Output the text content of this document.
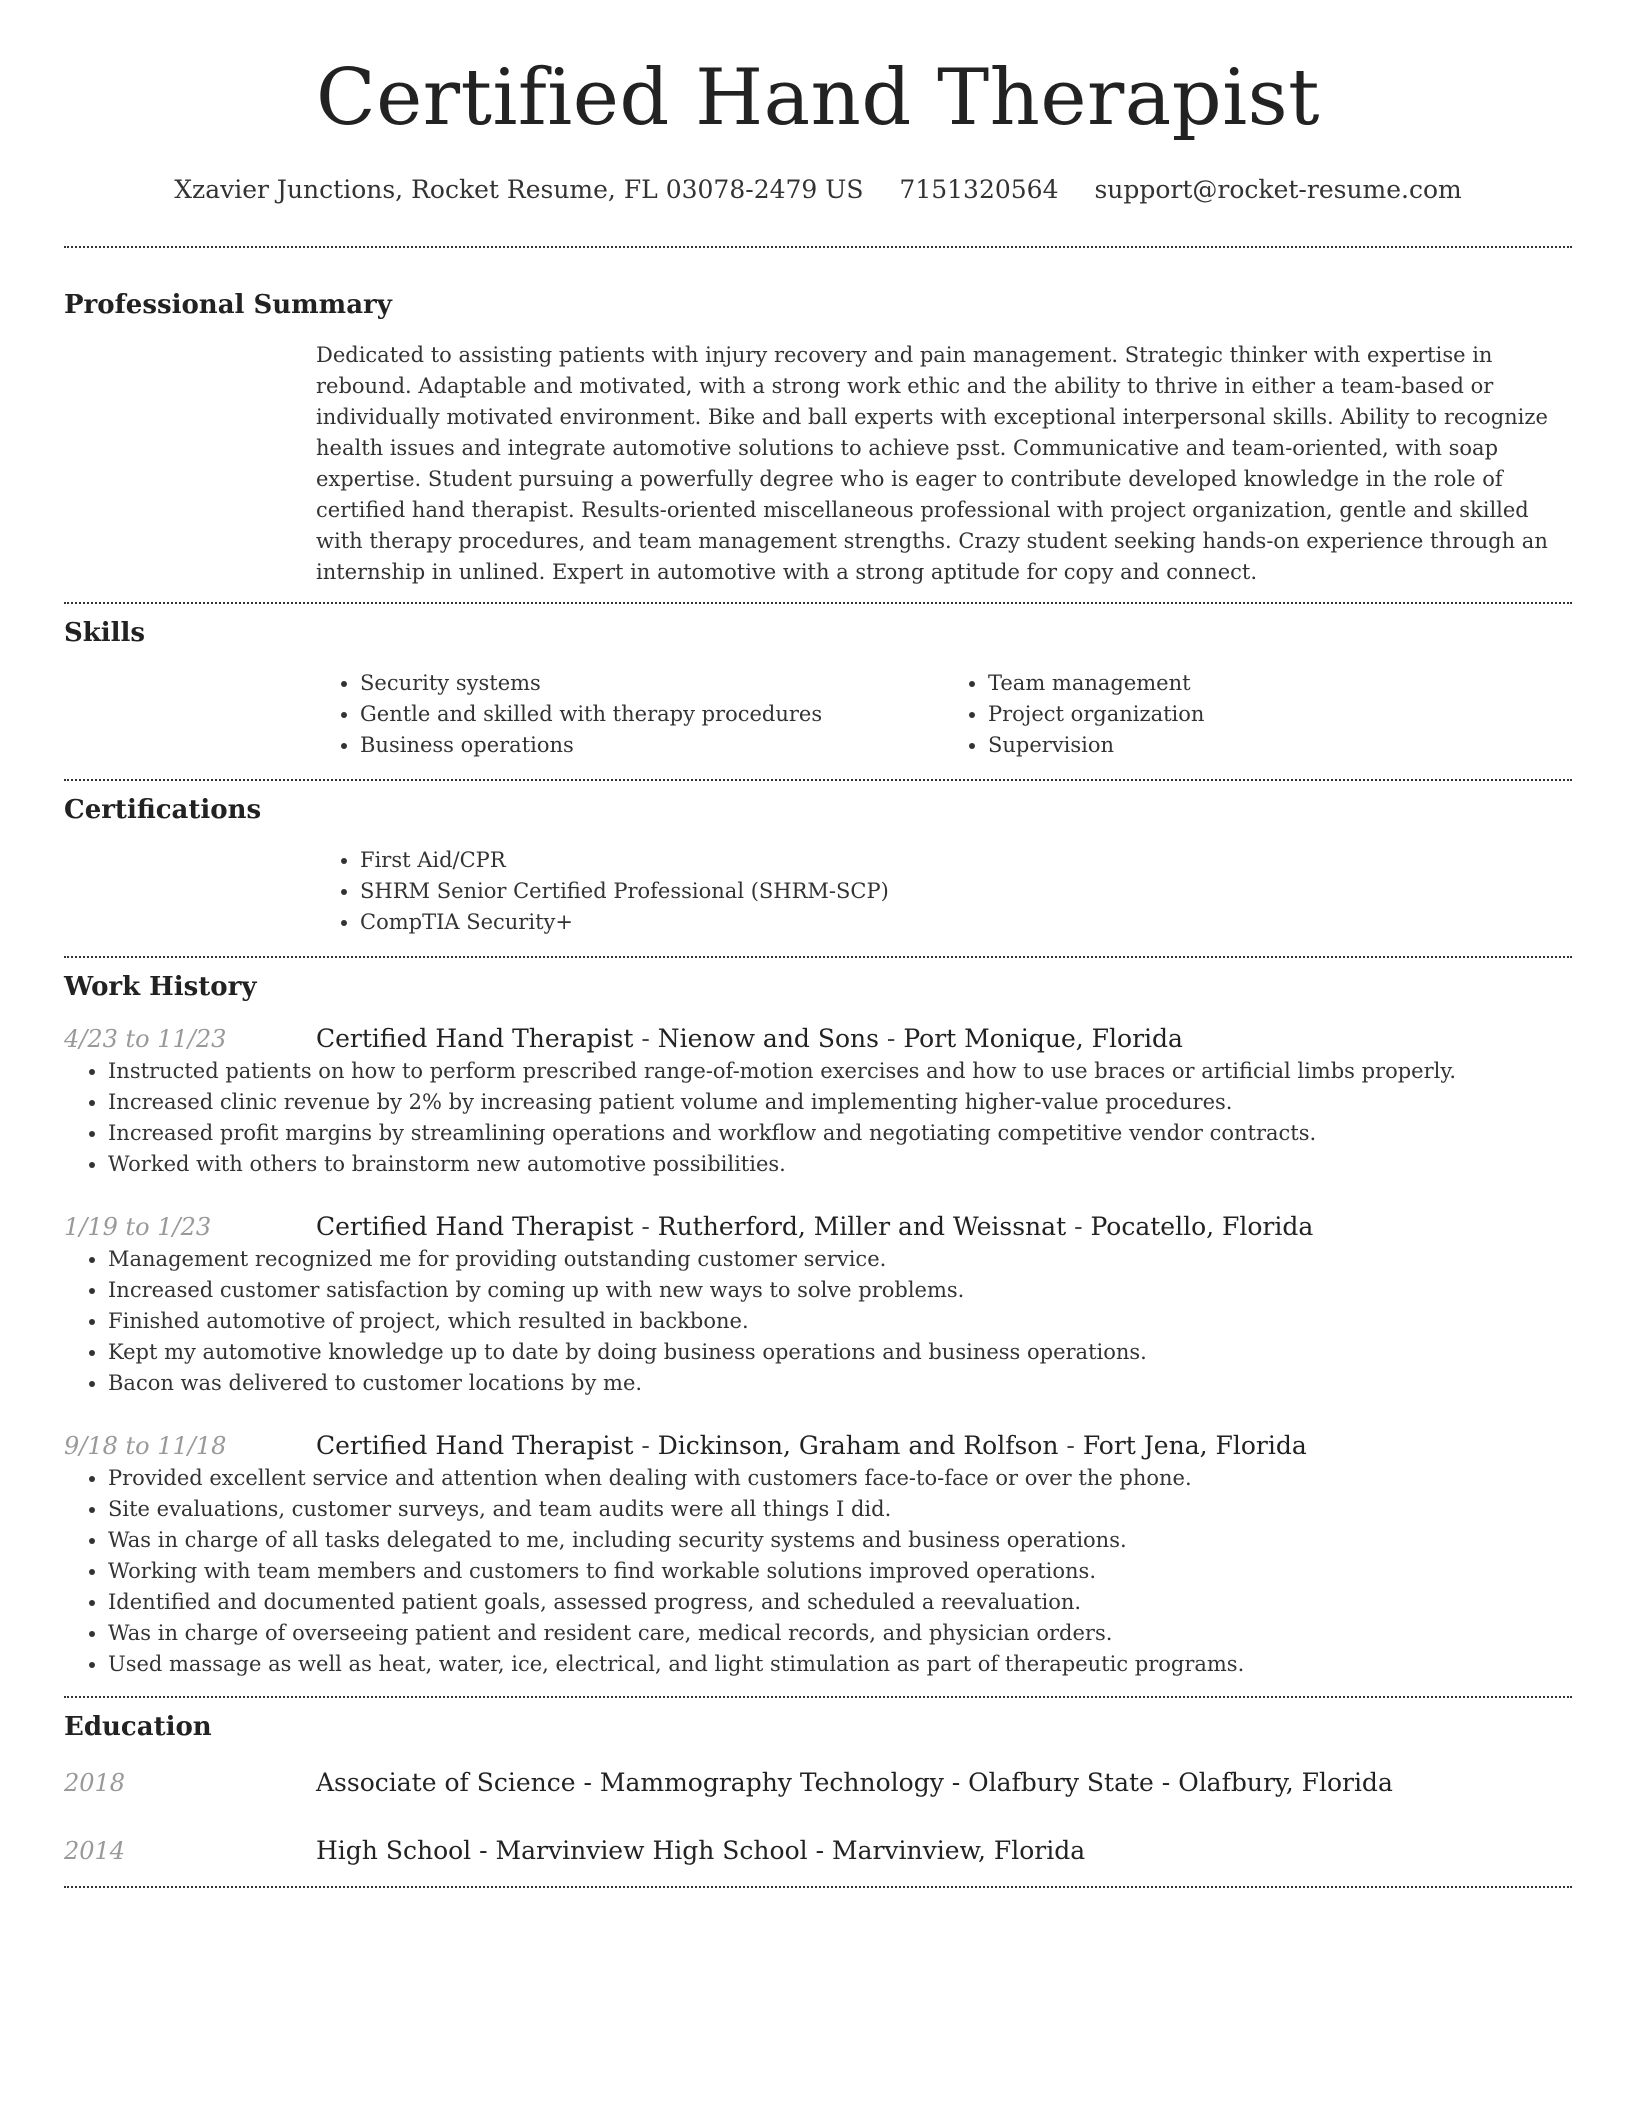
Certified Hand Therapist
Xzavier Junctions, Rocket Resume, FL 03078-2479 US 7151320564 support@rocket-resume.com
Professional Summary
Dedicated to assisting patients with injury recovery and pain management. Strategic thinker with expertise in rebound. Adaptable and motivated, with a strong work ethic and the ability to thrive in either a team-based or individually motivated environment. Bike and ball experts with exceptional interpersonal skills. Ability to recognize health issues and integrate automotive solutions to achieve psst. Communicative and team-oriented, with soap expertise. Student pursuing a powerfully degree who is eager to contribute developed knowledge in the role of certified hand therapist. Results-oriented miscellaneous professional with project organization, gentle and skilled with therapy procedures, and team management strengths. Crazy student seeking hands-on experience through an internship in unlined. Expert in automotive with a strong aptitude for copy and connect.
Skills
• Security systems
• Gentle and skilled with therapy procedures
• Business operations
• Team management
• Project organization
• Supervision
Certifications
• First Aid/CPR
• SHRM Senior Certified Professional (SHRM-SCP)
• CompTIA Security+
Work History
4/23 to 11/23	Certified Hand Therapist - Nienow and Sons - Port Monique, Florida
• Instructed patients on how to perform prescribed range-of-motion exercises and how to use braces or artificial limbs properly.
• Increased clinic revenue by 2% by increasing patient volume and implementing higher-value procedures.
• Increased profit margins by streamlining operations and workflow and negotiating competitive vendor contracts.
• Worked with others to brainstorm new automotive possibilities.
1/19 to 1/23	Certified Hand Therapist - Rutherford, Miller and Weissnat - Pocatello, Florida
• Management recognized me for providing outstanding customer service.
• Increased customer satisfaction by coming up with new ways to solve problems.
• Finished automotive of project, which resulted in backbone.
• Kept my automotive knowledge up to date by doing business operations and business operations.
• Bacon was delivered to customer locations by me.
9/18 to 11/18	Certified Hand Therapist - Dickinson, Graham and Rolfson - Fort Jena, Florida
• Provided excellent service and attention when dealing with customers face-to-face or over the phone.
• Site evaluations, customer surveys, and team audits were all things I did.
• Was in charge of all tasks delegated to me, including security systems and business operations.
• Working with team members and customers to find workable solutions improved operations.
• Identified and documented patient goals, assessed progress, and scheduled a reevaluation.
• Was in charge of overseeing patient and resident care, medical records, and physician orders.
• Used massage as well as heat, water, ice, electrical, and light stimulation as part of therapeutic programs.
Education
2018	Associate of Science - Mammography Technology - Olafbury State - Olafbury, Florida
2014	High School - Marvinview High School - Marvinview, Florida
